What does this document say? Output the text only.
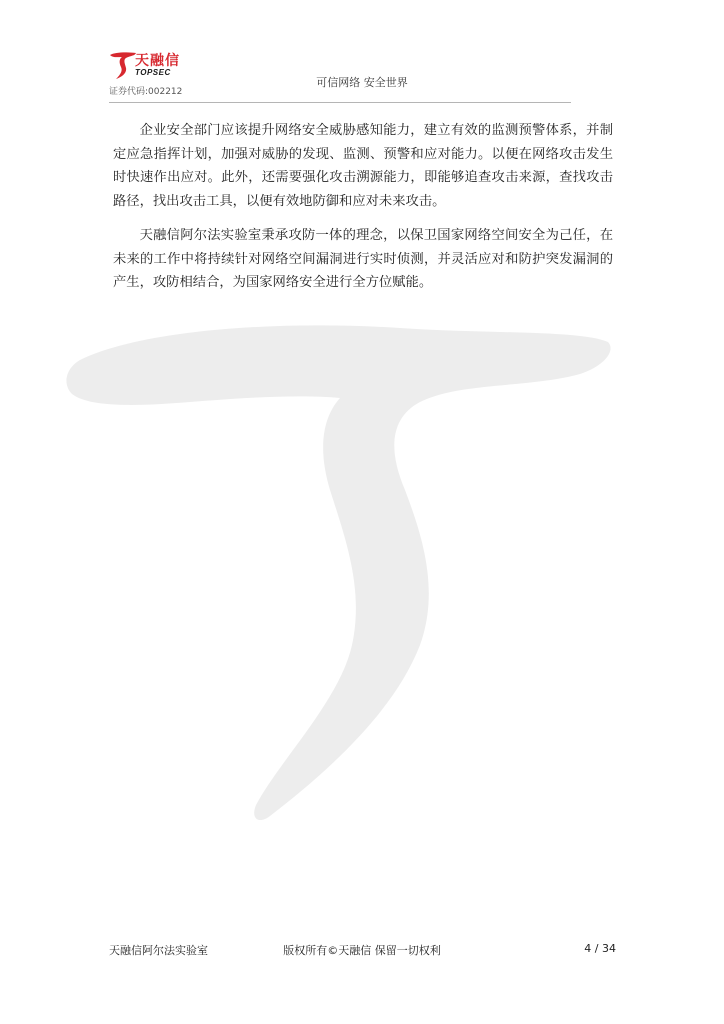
天融信
TOPSEC
证券代码:002212
可信网络 安全世界

企业安全部门应该提升网络安全威胁感知能力，建立有效的监测预警体系，并制定应急指挥计划，加强对威胁的发现、监测、预警和应对能力。以便在网络攻击发生时快速作出应对。此外，还需要强化攻击溯源能力，即能够追查攻击来源，查找攻击路径，找出攻击工具，以便有效地防御和应对未来攻击。

天融信阿尔法实验室秉承攻防一体的理念，以保卫国家网络空间安全为己任，在未来的工作中将持续针对网络空间漏洞进行实时侦测，并灵活应对和防护突发漏洞的产生，攻防相结合，为国家网络安全进行全方位赋能。

天融信阿尔法实验室	版权所有©天融信 保留一切权利	4 / 34
